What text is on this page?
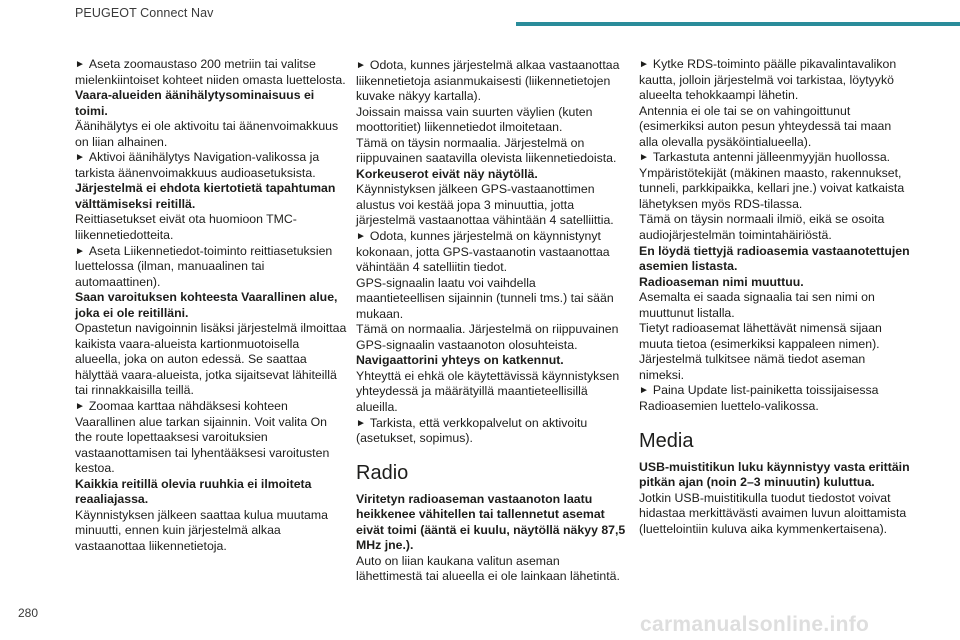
PEUGEOT Connect Nav

► Aseta zoomaustaso 200 metriin tai valitse mielenkiintoiset kohteet niiden omasta luettelosta.

Vaara-alueiden äänihälytysominaisuus ei toimi.

Äänihälytys ei ole aktivoitu tai äänenvoimakkuus on liian alhainen.

► Aktivoi äänihälytys Navigation-valikossa ja tarkista äänenvoimakkuus audioasetuksista.

Järjestelmä ei ehdota kiertotietä tapahtuman välttämiseksi reitillä.

Reittiasetukset eivät ota huomioon TMC-liikennetiedotteita.

► Aseta Liikennetiedot-toiminto reittiasetuksien luettelossa (ilman, manuaalinen tai automaattinen).

Saan varoituksen kohteesta Vaarallinen alue, joka ei ole reitilläni.

Opastetun navigoinnin lisäksi järjestelmä ilmoittaa kaikista vaara-alueista kartionmuotoisella alueella, joka on auton edessä. Se saattaa hälyttää vaara-alueista, jotka sijaitsevat lähiteillä tai rinnakkaisilla teillä.

► Zoomaa karttaa nähdäksesi kohteen Vaarallinen alue tarkan sijainnin. Voit valita On the route lopettaaksesi varoituksien vastaanottamisen tai lyhentääksesi varoitusten kestoa.

Kaikkia reitillä olevia ruuhkia ei ilmoiteta reaaliajassa.

Käynnistyksen jälkeen saattaa kulua muutama minuutti, ennen kuin järjestelmä alkaa vastaanottaa liikennetietoja.

► Odota, kunnes järjestelmä alkaa vastaanottaa liikennetietoja asianmukaisesti (liikennetietojen kuvake näkyy kartalla).

Joissain maissa vain suurten väylien (kuten moottoritiet) liikennetiedot ilmoitetaan.

Tämä on täysin normaalia. Järjestelmä on riippuvainen saatavilla olevista liikennetiedoista.

Korkeuserot eivät näy näytöllä.

Käynnistyksen jälkeen GPS-vastaanottimen alustus voi kestää jopa 3 minuuttia, jotta järjestelmä vastaanottaa vähintään 4 satelliittia.

► Odota, kunnes järjestelmä on käynnistynyt kokonaan, jotta GPS-vastaanotin vastaanottaa vähintään 4 satelliitin tiedot.

GPS-signaalin laatu voi vaihdella maantieteellisen sijainnin (tunneli tms.) tai sään mukaan.

Tämä on normaalia. Järjestelmä on riippuvainen GPS-signaalin vastaanoton olosuhteista.

Navigaattorini yhteys on katkennut.

Yhteyttä ei ehkä ole käytettävissä käynnistyksen yhteydessä ja määrätyillä maantieteellisillä alueilla.

► Tarkista, että verkkopalvelut on aktivoitu (asetukset, sopimus).

Radio

Viritetyn radioaseman vastaanoton laatu heikkenee vähitellen tai tallennetut asemat eivät toimi (ääntä ei kuulu, näytöllä näkyy 87,5 MHz jne.).

Auto on liian kaukana valitun aseman lähettimestä tai alueella ei ole lainkaan lähetintä.

► Kytke RDS-toiminto päälle pikavalintavalikon kautta, jolloin järjestelmä voi tarkistaa, löytyykö alueelta tehokkaampi lähetin.

Antennia ei ole tai se on vahingoittunut (esimerkiksi auton pesun yhteydessä tai maan alla olevalla pysäköintialueella).

► Tarkastuta antenni jälleenmyyjän huollossa.

Ympäristötekijät (mäkinen maasto, rakennukset, tunneli, parkkipaikka, kellari jne.) voivat katkaista lähetyksen myös RDS-tilassa.

Tämä on täysin normaali ilmiö, eikä se osoita audiojärjestelmän toimintahäiriöstä.

En löydä tiettyjä radioasemia vastaanotettujen asemien listasta.

Radioaseman nimi muuttuu.

Asemalta ei saada signaalia tai sen nimi on muuttunut listalla.

Tietyt radioasemat lähettävät nimensä sijaan muuta tietoa (esimerkiksi kappaleen nimen). Järjestelmä tulkitsee nämä tiedot aseman nimeksi.

► Paina Update list-painiketta toissijaisessa Radioasemien luettelo-valikossa.

Media

USB-muistitikun luku käynnistyy vasta erittäin pitkän ajan (noin 2–3 minuutin) kuluttua.

Jotkin USB-muistitikulla tuodut tiedostot voivat hidastaa merkittävästi avaimen luvun aloittamista (luettelointiin kuluva aika kymmenkertaisena).

280	carmanualsonline.info
